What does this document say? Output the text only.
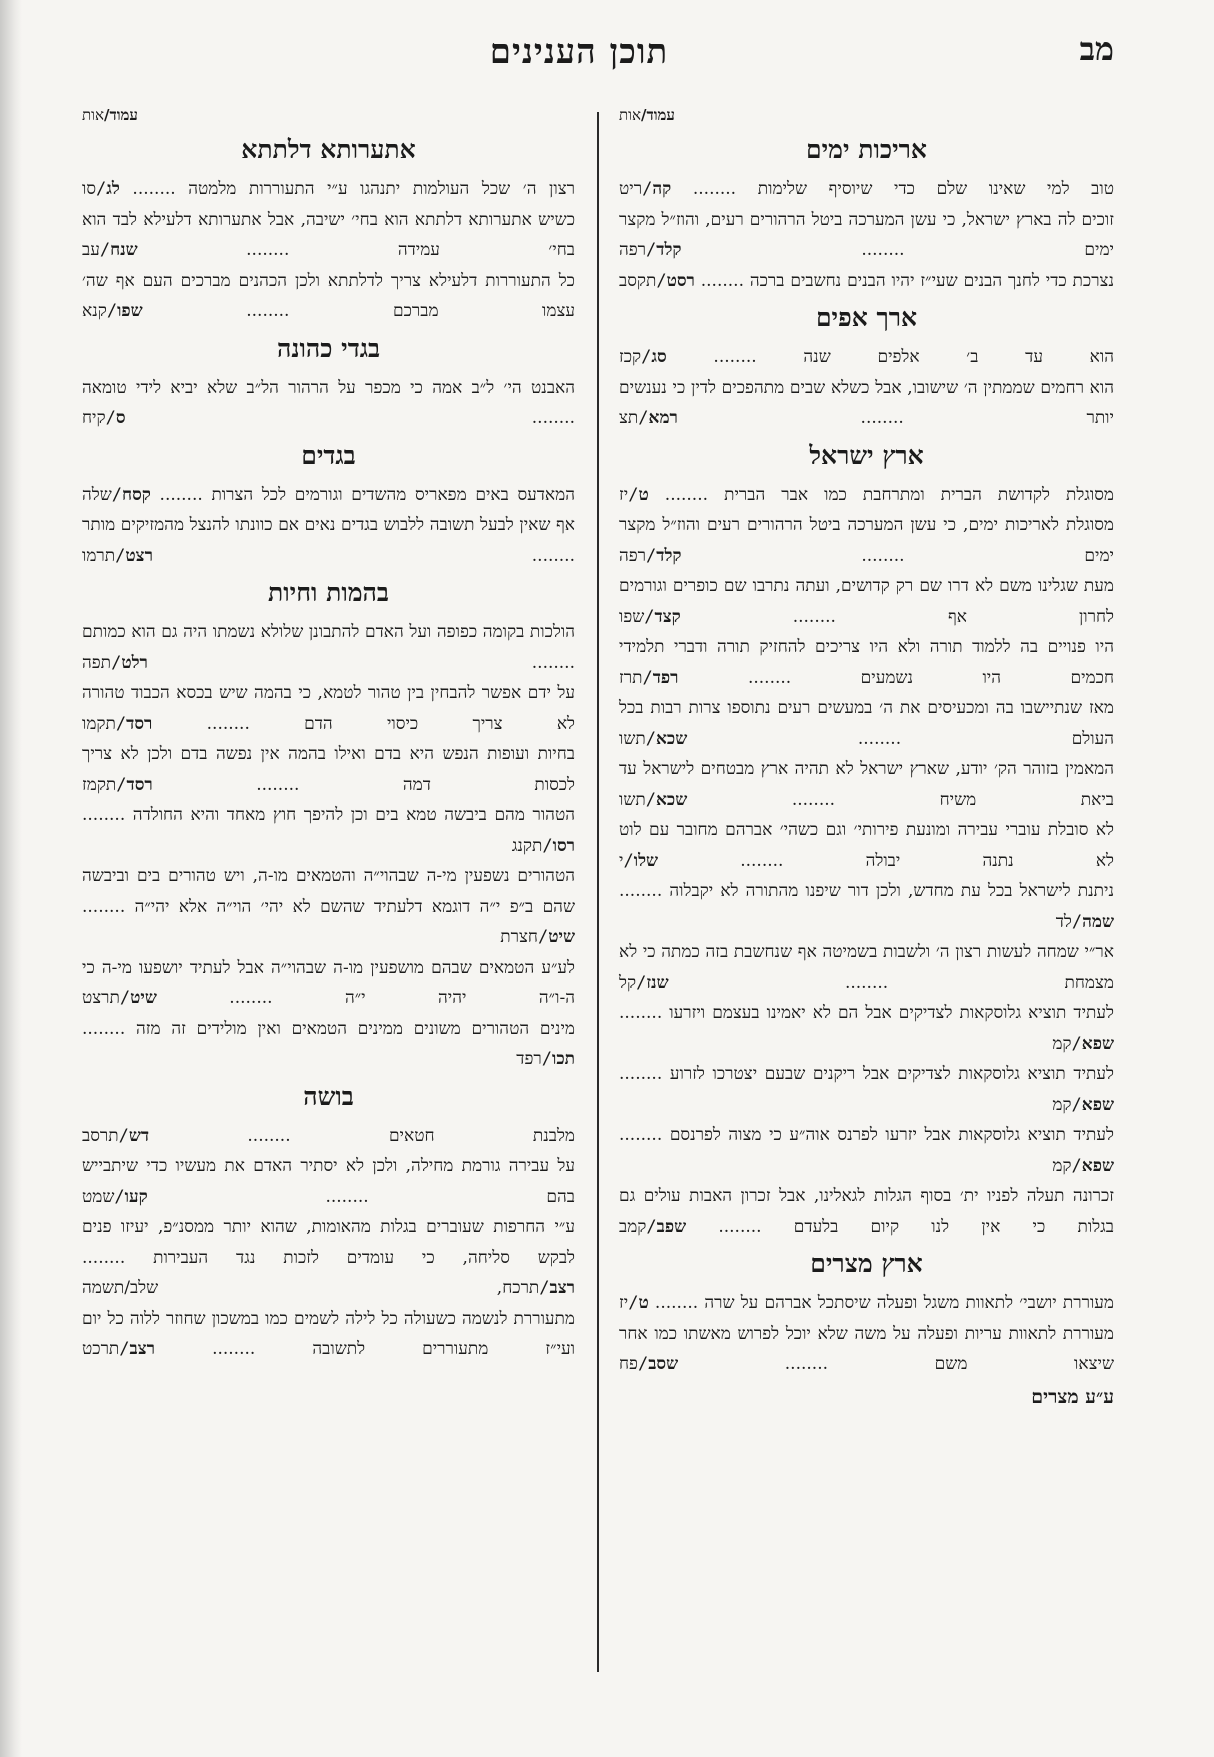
מב
תוכן הענינים
עמוד/אות
אריכות ימים
טוב למי שאינו שלם כדי שיוסיף שלימות ........ קה/ריט
זוכים לה בארץ ישראל, כי עשן המערכה ביטל הרהורים רעים, והוז״ל מקצר ימים ........ קלד/רפה
נצרכת כדי לחנך הבנים שעי״ז יהיו הבנים נחשבים ברכה ........ רסט/תקסב
ארך אפים
הוא עד ב׳ אלפים שנה ........ סג/קכז
הוא רחמים שממתין ה׳ שישובו, אבל כשלא שבים מתהפכים לדין כי נענשים יותר ........ רמא/תצ
ארץ ישראל
מסוגלת לקדושת הברית ומתרחבת כמו אבר הברית ........ ט/יז
מסוגלת לאריכות ימים, כי עשן המערכה ביטל הרהורים רעים והוז״ל מקצר ימים ........ קלד/רפה
מעת שגלינו משם לא דרו שם רק קדושים, ועתה נתרבו שם כופרים וגורמים לחרון אף ........ קצד/שפו
היו פנויים בה ללמוד תורה ולא היו צריכים להחזיק תורה ודברי תלמידי חכמים היו נשמעים ........ רפד/תרז
מאז שנתיישבו בה ומכעיסים את ה׳ במעשים רעים נתוספו צרות רבות בכל העולם ........ שכא/תשו
המאמין בזוהר הק׳ יודע, שארץ ישראל לא תהיה ארץ מבטחים לישראל עד ביאת משיח ........ שכא/תשו
לא סובלת עוברי עבירה ומונעת פירותי׳ וגם כשהי׳ אברהם מחובר עם לוט לא נתנה יבולה ........ שלו/י
ניתנת לישראל בכל עת מחדש, ולכן דור שיפנו מהתורה לא יקבלוה ........ שמה/לד
אר״י שמחה לעשות רצון ה׳ ולשבות בשמיטה אף שנחשבת בזה כמתה כי לא מצמחת ........ שנז/קל
לעתיד תוציא גלוסקאות לצדיקים אבל הם לא יאמינו בעצמם ויזרעו ........ שפא/קמ
לעתיד תוציא גלוסקאות לצדיקים אבל ריקנים שבעם יצטרכו לזרוע ........ שפא/קמ
לעתיד תוציא גלוסקאות אבל יזרעו לפרנס אוה״ע כי מצוה לפרנסם ........ שפא/קמ
זכרונה תעלה לפניו ית׳ בסוף הגלות לגאלינו, אבל זכרון האבות עולים גם בגלות כי אין לנו קיום בלעדם ........ שפב/קמב
ארץ מצרים
מעוררת יושבי׳ לתאוות משגל ופעלה שיסתכל אברהם על שרה ........ ט/יז
מעוררת לתאוות עריות ופעלה על משה שלא יוכל לפרוש מאשתו כמו אחר שיצאו משם ........ שסב/פח
ע״ע מצרים
עמוד/אות
אתערותא דלתתא
רצון ה׳ שכל העולמות יתנהגו ע״י התעוררות מלמטה ........ לג/סו
כשיש אתערותא דלתתא הוא בחי׳ ישיבה, אבל אתערותא דלעילא לבד הוא בחי׳ עמידה ........ שנח/עב
כל התעוררות דלעילא צריך לדלתתא ולכן הכהנים מברכים העם אף שה׳ עצמו מברכם ........ שפו/קנא
בגדי כהונה
האבנט הי׳ ל״ב אמה כי מכפר על הרהור הל״ב שלא יביא לידי טומאה ........ ס/קיח
בגדים
המאדעס באים מפאריס מהשדים וגורמים לכל הצרות ........ קסח/שלה
אף שאין לבעל תשובה ללבוש בגדים נאים אם כוונתו להנצל מהמזיקים מותר ........ רצט/תרמו
בהמות וחיות
הולכות בקומה כפופה ועל האדם להתבונן שלולא נשמתו היה גם הוא כמותם ........ רלט/תפה
על ידם אפשר להבחין בין טהור לטמא, כי בהמה שיש בכסא הכבוד טהורה לא צריך כיסוי הדם ........ רסד/תקמו
בחיות ועופות הנפש היא בדם ואילו בהמה אין נפשה בדם ולכן לא צריך לכסות דמה ........ רסד/תקמז
הטהור מהם ביבשה טמא בים וכן להיפך חוץ מאחד והיא החולדה ........ רסו/תקנג
הטהורים נשפעין מי-ה שבהוי״ה והטמאים מו-ה, ויש טהורים בים וביבשה שהם ב״פ י״ה דוגמא דלעתיד שהשם לא יהי׳ הוי״ה אלא יהי״ה ........ שיט/חצרת
לע״ע הטמאים שבהם מושפעין מו-ה שבהוי״ה אבל לעתיד יושפעו מי-ה כי ה-ו״ה יהיה י״ה ........ שיט/תרצט
מינים הטהורים משונים ממינים הטמאים ואין מולידים זה מזה ........ תכו/רפד
בושה
מלבנת חטאים ........ דש/תרסב
על עבירה גורמת מחילה, ולכן לא יסתיר האדם את מעשיו כדי שיתבייש בהם ........ קעו/שמט
ע״י החרפות שעוברים בגלות מהאומות, שהוא יותר ממסנ״פ, יעיזו פנים לבקש סליחה, כי עומדים לזכות נגד העבירות ........ רצב/תרכח, שלב/תשמה
מתעוררת לנשמה כשעולה כל לילה לשמים כמו במשכון שחוזר ללוה כל יום ועי״ז מתעוררים לתשובה ........ רצב/תרכט
